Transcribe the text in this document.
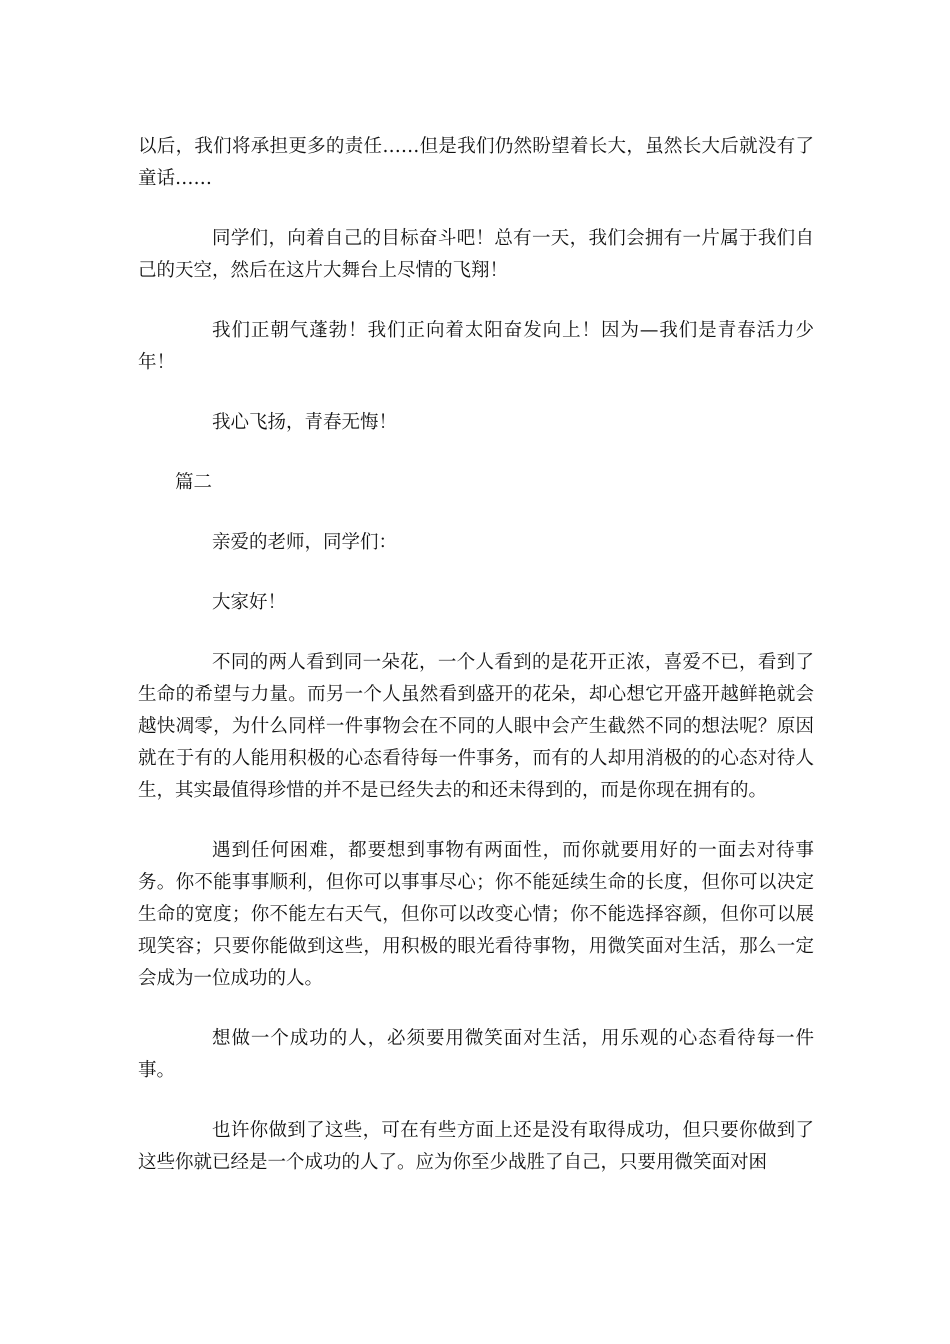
以后，我们将承担更多的责任……但是我们仍然盼望着长大，虽然长大后就没有了童话……

同学们，向着自己的目标奋斗吧！总有一天，我们会拥有一片属于我们自己的天空，然后在这片大舞台上尽情的飞翔！

我们正朝气蓬勃！我们正向着太阳奋发向上！因为—我们是青春活力少年！

我心飞扬，青春无悔！

篇二

亲爱的老师，同学们：

大家好！

不同的两人看到同一朵花，一个人看到的是花开正浓，喜爱不已，看到了生命的希望与力量。而另一个人虽然看到盛开的花朵，却心想它开盛开越鲜艳就会越快凋零，为什么同样一件事物会在不同的人眼中会产生截然不同的想法呢？原因就在于有的人能用积极的心态看待每一件事务，而有的人却用消极的的心态对待人生，其实最值得珍惜的并不是已经失去的和还未得到的，而是你现在拥有的。

遇到任何困难，都要想到事物有两面性，而你就要用好的一面去对待事务。你不能事事顺利，但你可以事事尽心；你不能延续生命的长度，但你可以决定生命的宽度；你不能左右天气，但你可以改变心情；你不能选择容颜，但你可以展现笑容；只要你能做到这些，用积极的眼光看待事物，用微笑面对生活，那么一定会成为一位成功的人。

想做一个成功的人，必须要用微笑面对生活，用乐观的心态看待每一件事。

也许你做到了这些，可在有些方面上还是没有取得成功，但只要你做到了这些你就已经是一个成功的人了。应为你至少战胜了自己，只要用微笑面对困
